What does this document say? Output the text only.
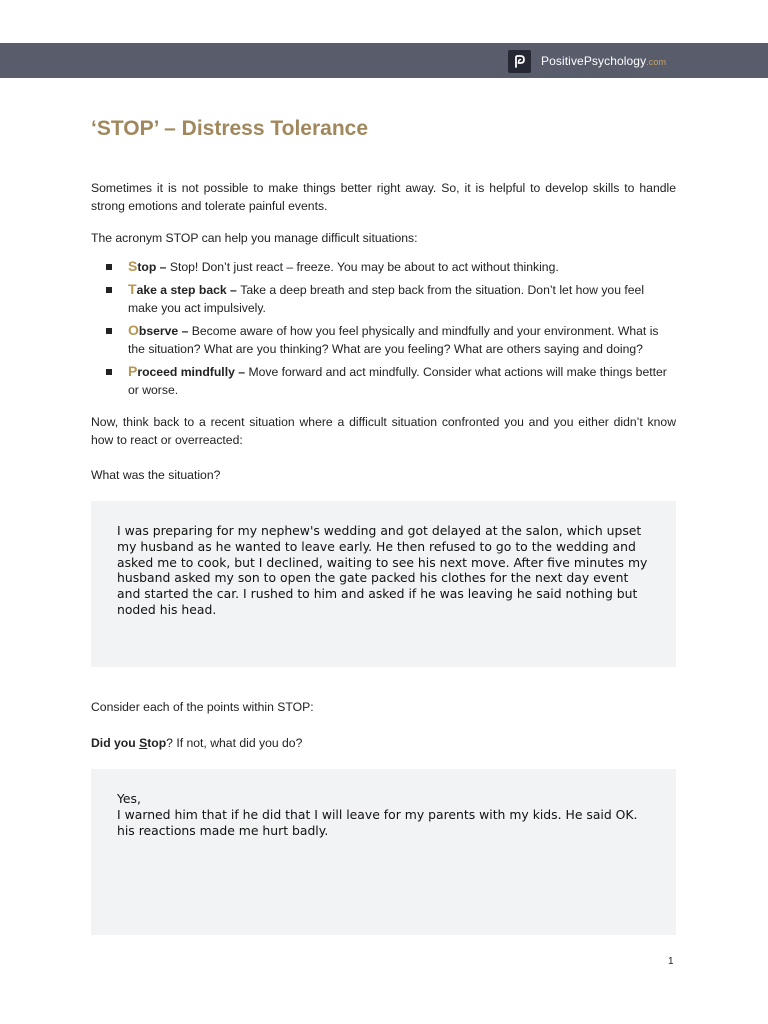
PositivePsychology.com
‘STOP’ – Distress Tolerance

Sometimes it is not possible to make things better right away. So, it is helpful to develop skills to handle strong emotions and tolerate painful events.

The acronym STOP can help you manage difficult situations:

Stop – Stop! Don’t just react – freeze. You may be about to act without thinking.
Take a step back – Take a deep breath and step back from the situation. Don’t let how you feel make you act impulsively.
Observe – Become aware of how you feel physically and mindfully and your environment. What is the situation? What are you thinking? What are you feeling? What are others saying and doing?
Proceed mindfully – Move forward and act mindfully. Consider what actions will make things better or worse.

Now, think back to a recent situation where a difficult situation confronted you and you either didn’t know how to react or overreacted:

What was the situation?

I was preparing for my nephew's wedding and got delayed at the salon, which upset my husband as he wanted to leave early. He then refused to go to the wedding and asked me to cook, but I declined, waiting to see his next move. After five minutes my husband asked my son to open the gate packed his clothes for the next day event and started the car. I rushed to him and asked if he was leaving he said nothing but noded his head.

Consider each of the points within STOP:

Did you Stop? If not, what did you do?

Yes,
I warned him that if he did that I will leave for my parents with my kids. He said OK.
his reactions made me hurt badly.

1
